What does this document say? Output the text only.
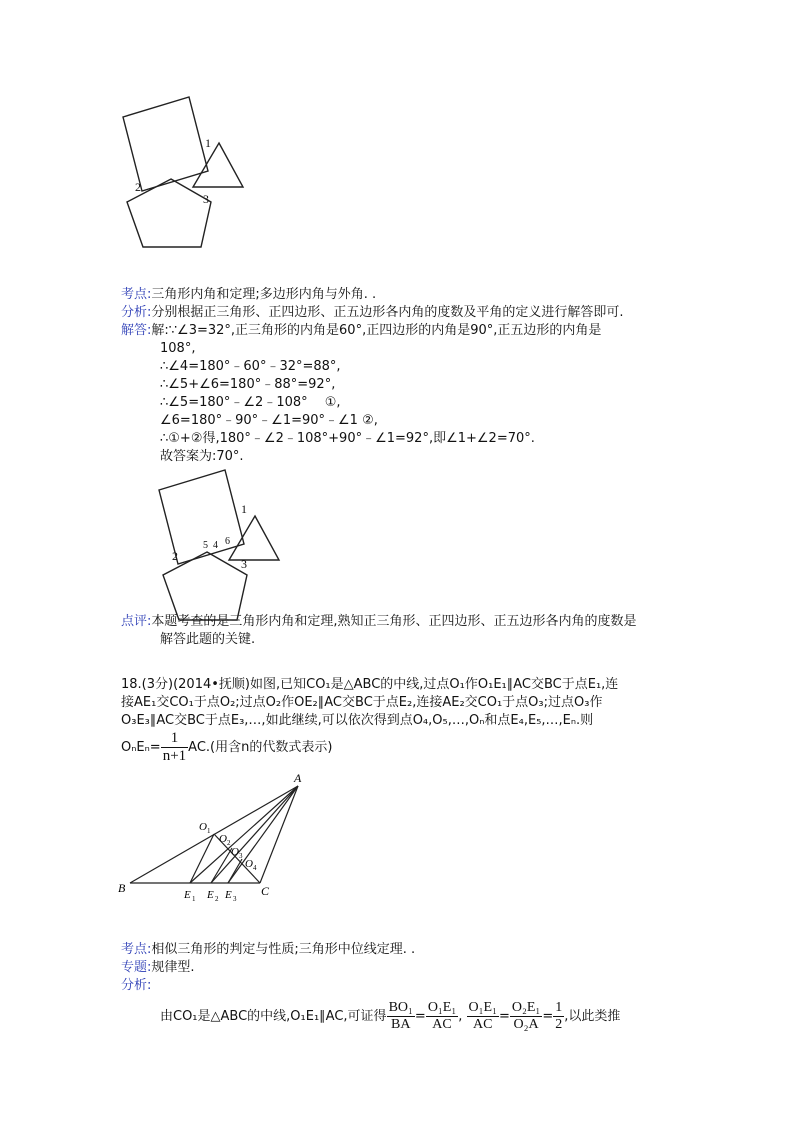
1
2
3
考点:三角形内角和定理;多边形内角与外角. .
分析:分别根据正三角形、正四边形、正五边形各内角的度数及平角的定义进行解答即可.
解答:解:∵∠3=32°,正三角形的内角是60°,正四边形的内角是90°,正五边形的内角是
108°,
∴∠4=180°﹣60°﹣32°=88°,
∴∠5+∠6=180°﹣88°=92°,
∴∠5=180°﹣∠2﹣108°　 ①,
∠6=180°﹣90°﹣∠1=90°﹣∠1 ②,
∴①+②得,180°﹣∠2﹣108°+90°﹣∠1=92°,即∠1+∠2=70°.
故答案为:70°.
1
2
3
5 4 6
点评:本题考查的是三角形内角和定理,熟知正三角形、正四边形、正五边形各内角的度数是
解答此题的关键.
18.(3分)(2014•抚顺)如图,已知CO₁是△ABC的中线,过点O₁作O₁E₁∥AC交BC于点E₁,连
接AE₁交CO₁于点O₂;过点O₂作OE₂∥AC交BC于点E₂,连接AE₂交CO₁于点O₃;过点O₃作
O₃E₃∥AC交BC于点E₃,…,如此继续,可以依次得到点O₄,O₅,…,Oₙ和点E₄,E₅,…,Eₙ.则
$O_nE_n= \frac{1}{n+1} AC$.(用含n的代数式表示)
A
B	C
O 1
O 2
O 3
O 4
E 1 E 2 E 3
考点:相似三角形的判定与性质;三角形中位线定理. .
专题:规律型.
分析:
由CO₁是△ABC的中线,O₁E₁∥AC,可证得 $\frac{\text{BO₁}}{BA} = \frac{\text{O₁E₁}}{AC}$ , $\frac{\text{O₁E₁}}{AC} = \frac{\text{O₂E₁}}{\text{O₂A}} = \frac{1}{2}$ ,以此类推
